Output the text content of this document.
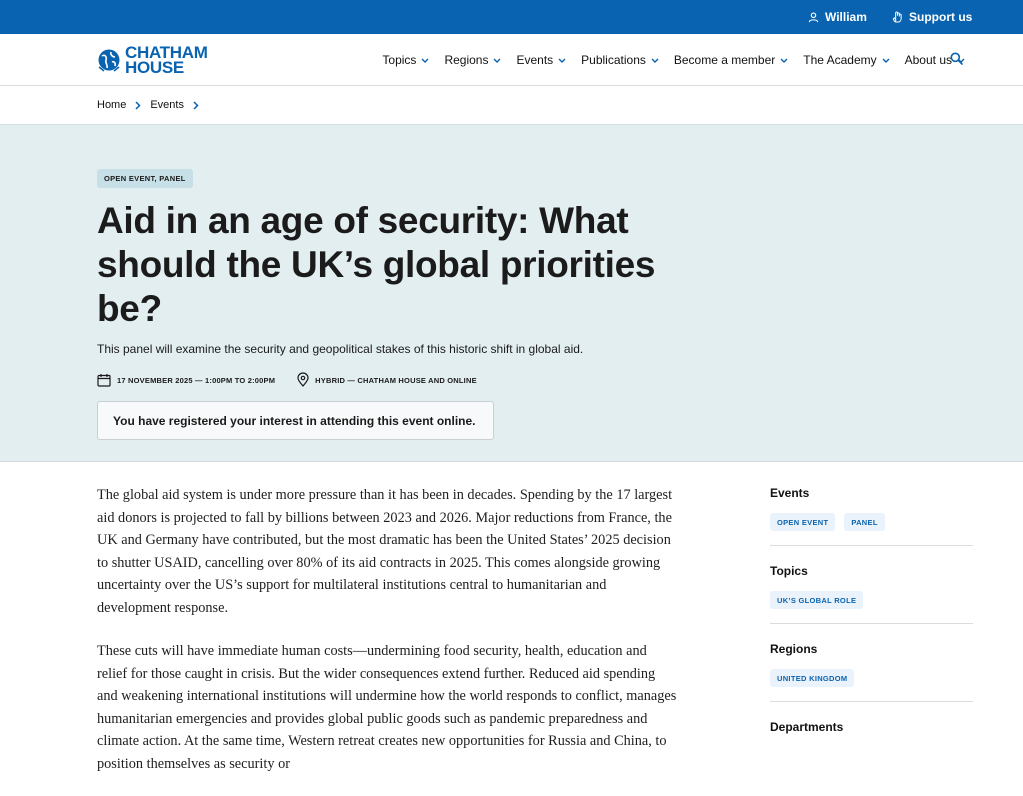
William	Support us
CHATHAM
HOUSE	Topics Regions Events Publications Become a member The Academy About us
Home Events
OPEN EVENT, PANEL
Aid in an age of security: What should the UK’s global priorities be?

This panel will examine the security and geopolitical stakes of this historic shift in global aid.

17 NOVEMBER 2025 — 1:00PM TO 2:00PM	HYBRID — CHATHAM HOUSE AND ONLINE
You have registered your interest in attending this event online.

The global aid system is under more pressure than it has been in decades. Spending by the 17 largest aid donors is projected to fall by billions between 2023 and 2026. Major reductions from France, the UK and Germany have contributed, but the most dramatic has been the United States’ 2025 decision to shutter USAID, cancelling over 80% of its aid contracts in 2025. This comes alongside growing uncertainty over the US’s support for multilateral institutions central to humanitarian and development response.

These cuts will have immediate human costs—undermining food security, health, education and relief for those caught in crisis. But the wider consequences extend further. Reduced aid spending and weakening international institutions will undermine how the world responds to conflict, manages humanitarian emergencies and provides global public goods such as pandemic preparedness and climate action. At the same time, Western retreat creates new opportunities for Russia and China, to position themselves as security or

Events
OPEN EVENT	PANEL
Topics
UK’S GLOBAL ROLE
Regions
UNITED KINGDOM
Departments
